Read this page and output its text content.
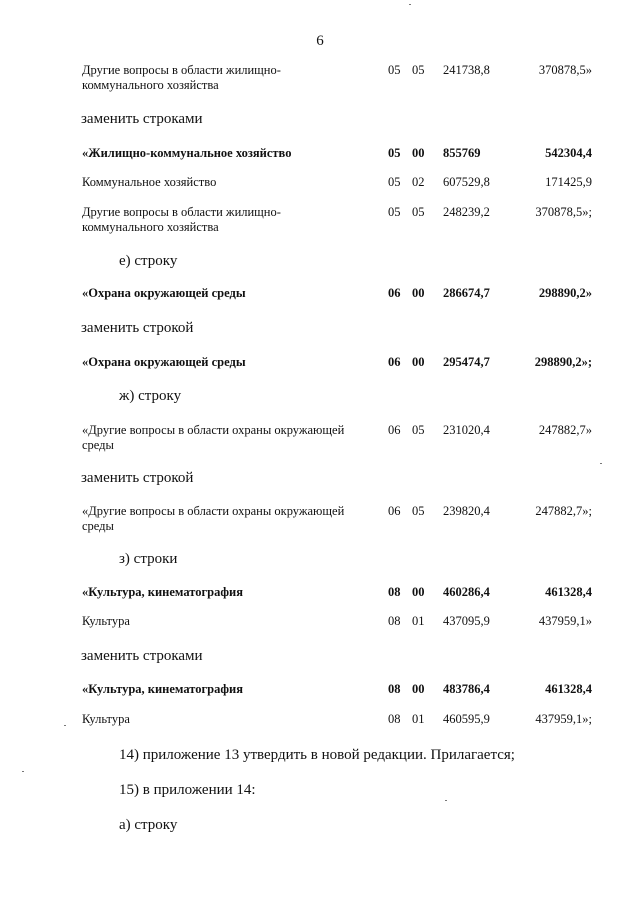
6
Другие вопросы в области жилищно-коммунального хозяйства
05 05 241738,8	370878,5»
заменить строками
«Жилищно-коммунальное хозяйство	05 00 855769	542304,4
Коммунальное хозяйство	05 02 607529,8	171425,9
Другие вопросы в области жилищно-коммунального хозяйства
05 05 248239,2	370878,5»;
е) строку
«Охрана окружающей среды	06 00 286674,7	298890,2»
заменить строкой
«Охрана окружающей среды	06 00 295474,7	298890,2»;
ж) строку
«Другие вопросы в области охраны окружающей среды
06 05 231020,4	247882,7»
заменить строкой
«Другие вопросы в области охраны окружающей среды
06 05 239820,4	247882,7»;
з) строки
«Культура, кинематография	08 00 460286,4	461328,4
Культура	08 01 437095,9	437959,1»
заменить строками
«Культура, кинематография	08 00 483786,4	461328,4
Культура	08 01 460595,9	437959,1»;
14) приложение 13 утвердить в новой редакции. Прилагается;
15) в приложении 14:
а) строку
